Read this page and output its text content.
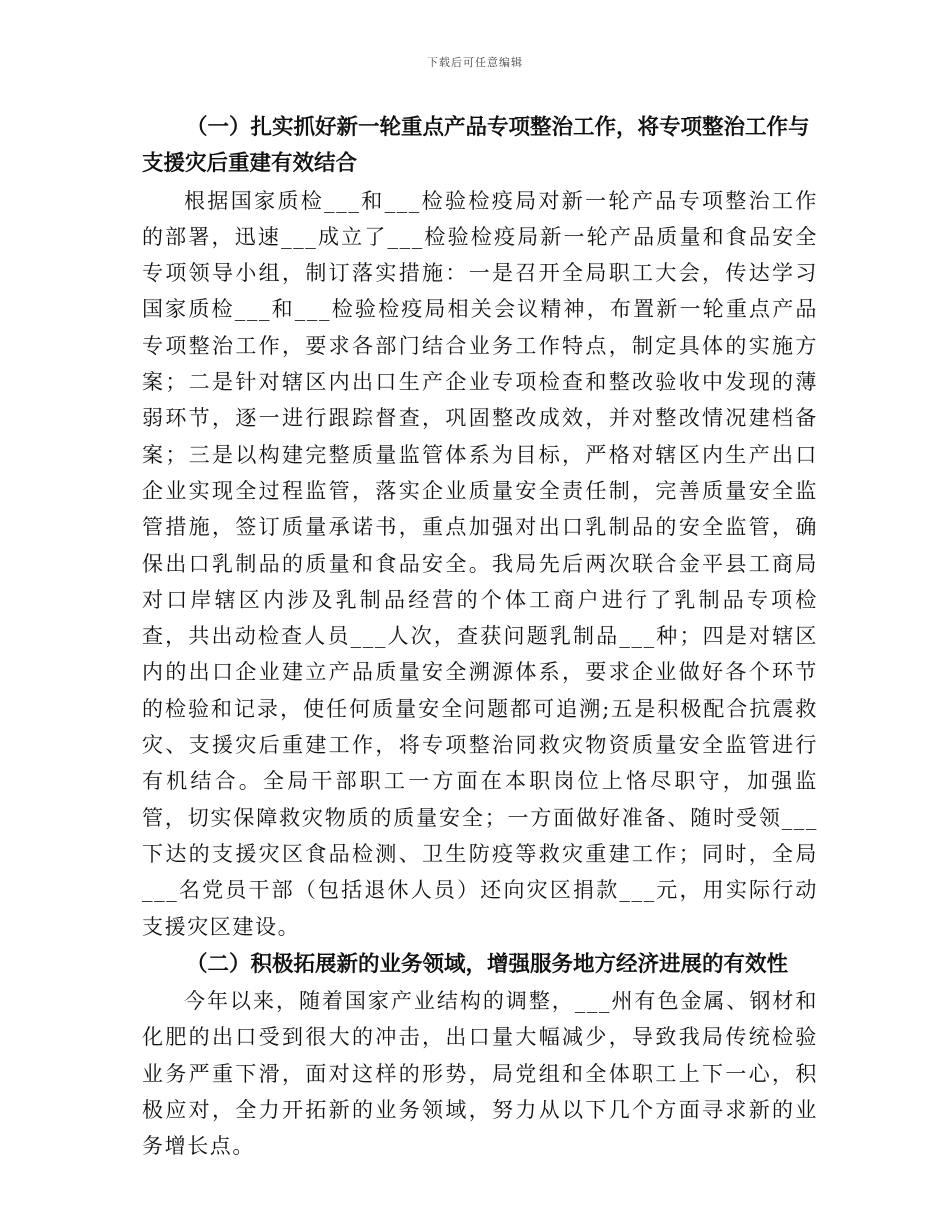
下载后可任意编辑

（一）扎实抓好新一轮重点产品专项整治工作，将专项整治工作与支援灾后重建有效结合

根据国家质检___和___检验检疫局对新一轮产品专项整治工作的部署，迅速___成立了___检验检疫局新一轮产品质量和食品安全专项领导小组，制订落实措施：一是召开全局职工大会，传达学习国家质检___和___检验检疫局相关会议精神，布置新一轮重点产品专项整治工作，要求各部门结合业务工作特点，制定具体的实施方案；二是针对辖区内出口生产企业专项检查和整改验收中发现的薄弱环节，逐一进行跟踪督查，巩固整改成效，并对整改情况建档备案；三是以构建完整质量监管体系为目标，严格对辖区内生产出口企业实现全过程监管，落实企业质量安全责任制，完善质量安全监管措施，签订质量承诺书，重点加强对出口乳制品的安全监管，确保出口乳制品的质量和食品安全。我局先后两次联合金平县工商局对口岸辖区内涉及乳制品经营的个体工商户进行了乳制品专项检查，共出动检查人员___人次，查获问题乳制品___种；四是对辖区内的出口企业建立产品质量安全溯源体系，要求企业做好各个环节的检验和记录，使任何质量安全问题都可追溯;五是积极配合抗震救灾、支援灾后重建工作，将专项整治同救灾物资质量安全监管进行有机结合。全局干部职工一方面在本职岗位上恪尽职守，加强监管，切实保障救灾物质的质量安全；一方面做好准备、随时受领___下达的支援灾区食品检测、卫生防疫等救灾重建工作；同时，全局___名党员干部（包括退休人员）还向灾区捐款___元，用实际行动支援灾区建设。

（二）积极拓展新的业务领域，增强服务地方经济进展的有效性

今年以来，随着国家产业结构的调整，___州有色金属、钢材和化肥的出口受到很大的冲击，出口量大幅减少，导致我局传统检验业务严重下滑，面对这样的形势，局党组和全体职工上下一心，积极应对，全力开拓新的业务领域，努力从以下几个方面寻求新的业务增长点。
